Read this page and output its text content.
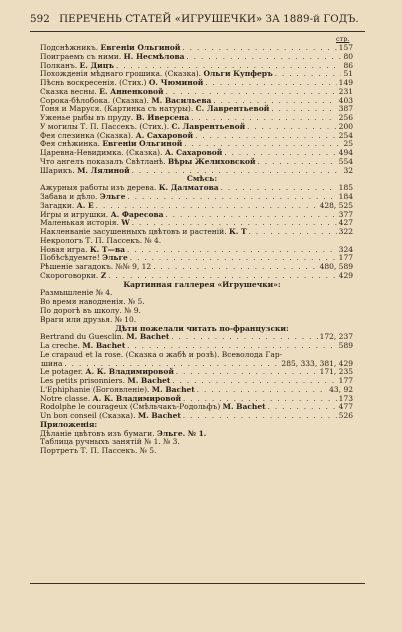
592 ПЕРЕЧЕНЬ СТАТЕЙ «ИГРУШЕЧКИ» ЗА 1889-й ГОДЪ.
стр.
Подснѣжникъ. Евгеніи Ольгиной . . .	157
Поиграемъ съ ними. Н. Несмѣлова . . .	80
Полканъ. Е. Дицъ . . .	86
Похожденія мѣднаго грошика. (Сказка). Ольги Купферъ . . .	51
Пѣснь воскресенія. (Стих.) О. Чюминой . . .	149
Сказка весны. Е. Анненковой . . .	231
Сорока-бѣлобока. (Сказка). М. Васильева . . .	403
Тоня и Маруся. (Картинка съ натуры). С. Лаврентьевой . . .	387
Уженье рыбы въ пруду. В. Иверсена . . .	256
У могилы Т. П. Пассекъ. (Стих.). С. Лаврентьевой . . .	200
Фея слезинка (Сказка). А. Сахаровой . . .	254
Фея снѣжинка. Евгеніи Ольгиной . . .	25
Царевна-Невидимка. (Сказка). А. Сахаровой . . .	494
Что ангелъ показалъ Свѣтланѣ. Вѣры Желиховской . . .	554
Шарикъ. М. Лялиной . . .	32
Смѣсь:
Ажурныя работы изъ дерева. К. Далматова . . .	185
Забава и дѣло. Эльге . . .	184
Загадки. А. Е . . .	428, 525
Игры и игрушки. А. Фаресова . . .	377
Маленькая исторія. W . . .	427
Накленваніе засушенныхъ цвѣтовъ и растеній. К. Т . . .	322
Некрологъ Т. П. Пассекъ. № 4.
Новая игра. К. Т—ва . . .	324
Побѣсѣдуемте! Эльге . . .	177
Рѣшеніе загадокъ. №№ 9, 12 . . .	480, 589
Скороговорки. Z . . .	429
Картинная галлерея «Игрушечки»:
Размышленіе № 4.
Во время наводненія. № 5.
По дорогѣ въ школу. № 9.
Враги или друзья. № 10.
Дѣти пожелали читать по-французски:
Bertrand du Guesclin. M. Bachet . . .	172, 237
La creche. M. Bachet . . .	589
Le crapaud et la rose. (Сказка о жабѣ и розѣ). Всеволода Гар-
шина . . .	285, 333, 381, 429
Le potager. А. К. Владимировой . . .	171, 235
Les petits prisonniers. M. Bachet . . .	177
L'Ephiphanie (Богоявленіе). M. Bachet . . .	43, 92
Notre classe. А. К. Владимировой . . .	173
Rodolphe le courageux (Смѣльчакъ-Родольфъ) M. Bachet . . .	477
Un bon conseil (Сказка). M. Bachet . . .	526
Приложенія:
Дѣланіе цвѣтовъ изъ бумаги. Эльге. № 1.
Таблица ручныхъ занятій № 1. № 3.
Портретъ Т. П. Пассекъ. № 5.
